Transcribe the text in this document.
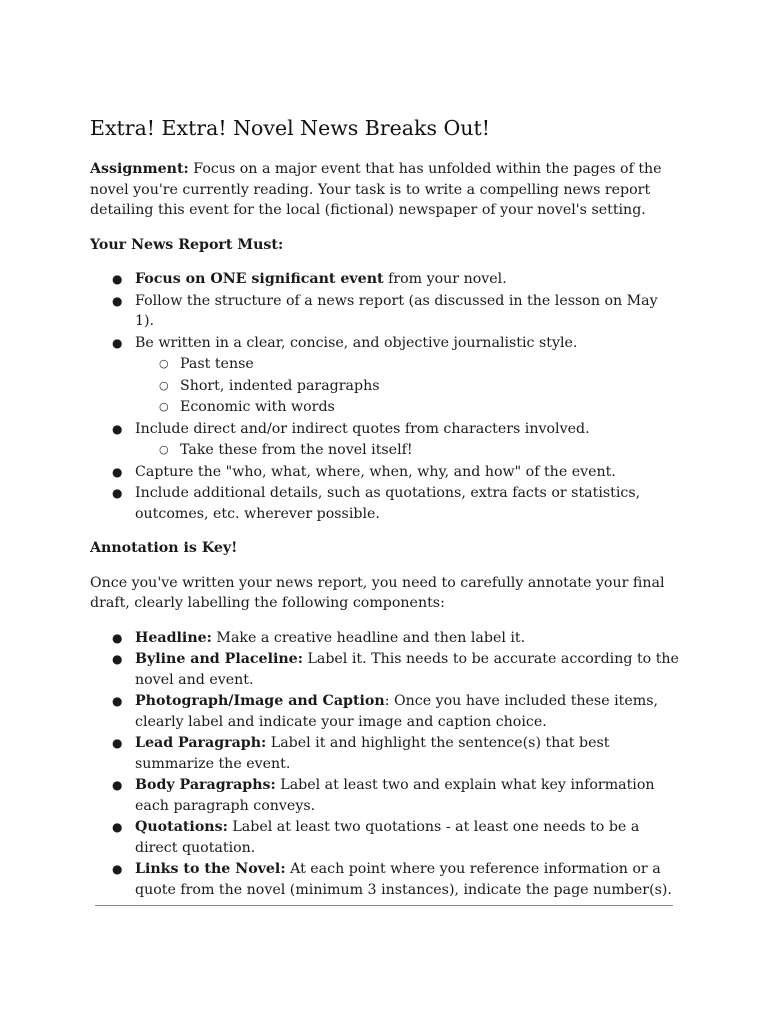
Extra! Extra! Novel News Breaks Out!

Assignment: Focus on a major event that has unfolded within the pages of the novel you're currently reading. Your task is to write a compelling news report detailing this event for the local (fictional) newspaper of your novel's setting.

Your News Report Must:

● Focus on ONE significant event from your novel.
● Follow the structure of a news report (as discussed in the lesson on May 1).
● Be written in a clear, concise, and objective journalistic style.
○ Past tense
○ Short, indented paragraphs
○ Economic with words
● Include direct and/or indirect quotes from characters involved.
○ Take these from the novel itself!
● Capture the "who, what, where, when, why, and how" of the event.
● Include additional details, such as quotations, extra facts or statistics, outcomes, etc. wherever possible.

Annotation is Key!

Once you've written your news report, you need to carefully annotate your final draft, clearly labelling the following components:

● Headline: Make a creative headline and then label it.
● Byline and Placeline: Label it. This needs to be accurate according to the novel and event.
● Photograph/Image and Caption: Once you have included these items, clearly label and indicate your image and caption choice.
● Lead Paragraph: Label it and highlight the sentence(s) that best summarize the event.
● Body Paragraphs: Label at least two and explain what key information each paragraph conveys.
● Quotations: Label at least two quotations - at least one needs to be a direct quotation.
● Links to the Novel: At each point where you reference information or a quote from the novel (minimum 3 instances), indicate the page number(s).
